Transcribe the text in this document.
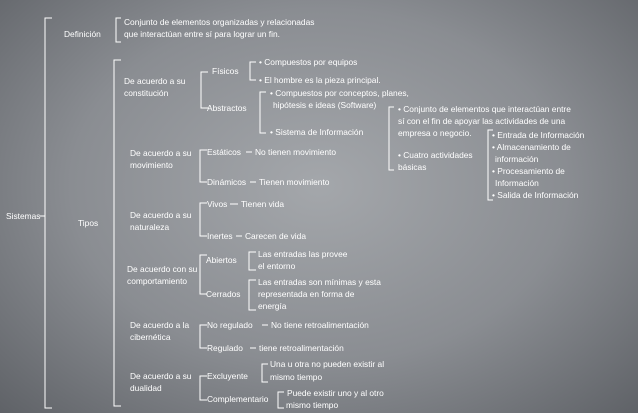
Sistemas
Definición
Conjunto de elementos organizadas y relacionadas
que interactúan entre sí para lograr un fin.
Tipos
De acuerdo a su
constitución
Físicos
• Compuestos por equipos
• El hombre es la pieza principal.
Abstractos
• Compuestos por conceptos, planes,
hipótesis e ideas (Software)
• Sistema de Información
• Conjunto de elementos que interactúan entre
sí con el fin de apoyar las actividades de una
empresa o negocio.
• Cuatro actividades
básicas
• Entrada de Información
• Almacenamiento de
información
• Procesamiento de
Información
• Salida de Información
De acuerdo a su
movimiento
Estáticos No tienen movimiento
Dinámicos Tienen movimiento
De acuerdo a su
naturaleza
Vivos Tienen vida
Inertes Carecen de vida
De acuerdo con su
comportamiento
Abiertos
Las entradas las provee
el entorno
Cerrados
Las entradas son mínimas y esta
representada en forma de
energía
De acuerdo a la
cibernética
No regulado No tiene retroalimentación
Regulado tiene retroalimentación
De acuerdo a su
dualidad
Excluyente
Una u otra no pueden existir al
mismo tiempo
Complementario
Puede existir uno y al otro
mismo tiempo
